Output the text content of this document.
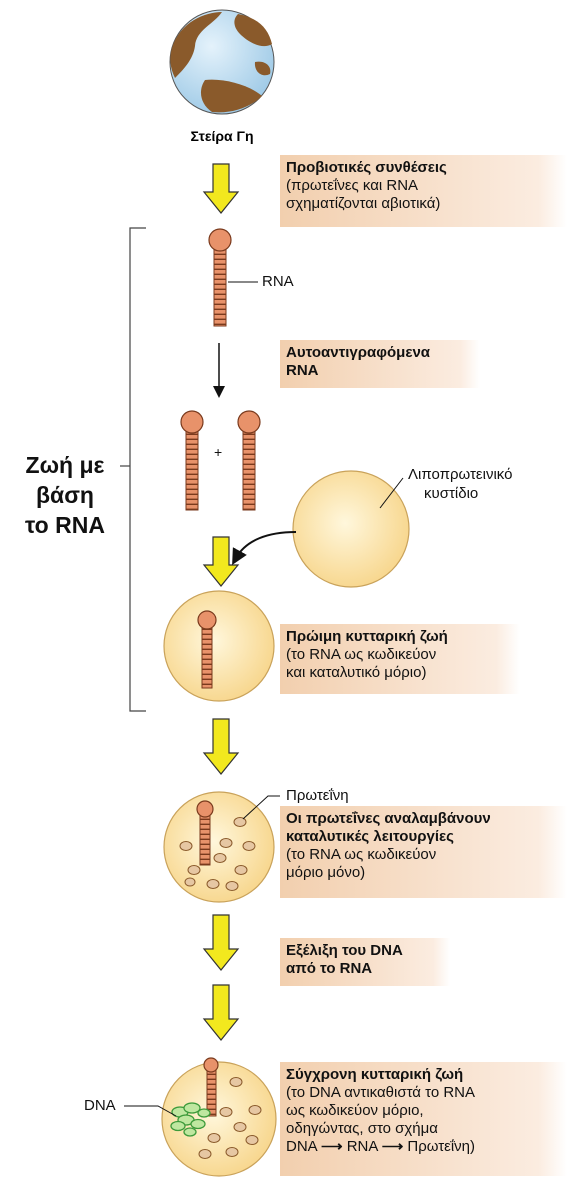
Στείρα Γη
Προβιοτικές συνθέσεις
(πρωτεΐνες και RNA
σχηματίζονται αβιοτικά)
RNA
Αυτοαντιγραφόμενα
RNA
+
Λιποπρωτεινικό
κυστίδιο
Ζωή με
βάση
το RNA
Πρώιμη κυτταρική ζωή
(το RNA ως κωδικεύον
και καταλυτικό μόριο)
Πρωτεΐνη
Οι πρωτεΐνες αναλαμβάνουν
καταλυτικές λειτουργίες
(το RNA ως κωδικεύον
μόριο μόνο)
Εξέλιξη του DNA
από το RNA
DNA
Σύγχρονη κυτταρική ζωή
(το DNA αντικαθιστά το RNA
ως κωδικεύον μόριο,
οδηγώντας, στο σχήμα
DNA ⟶ RNA ⟶ Πρωτεΐνη)
